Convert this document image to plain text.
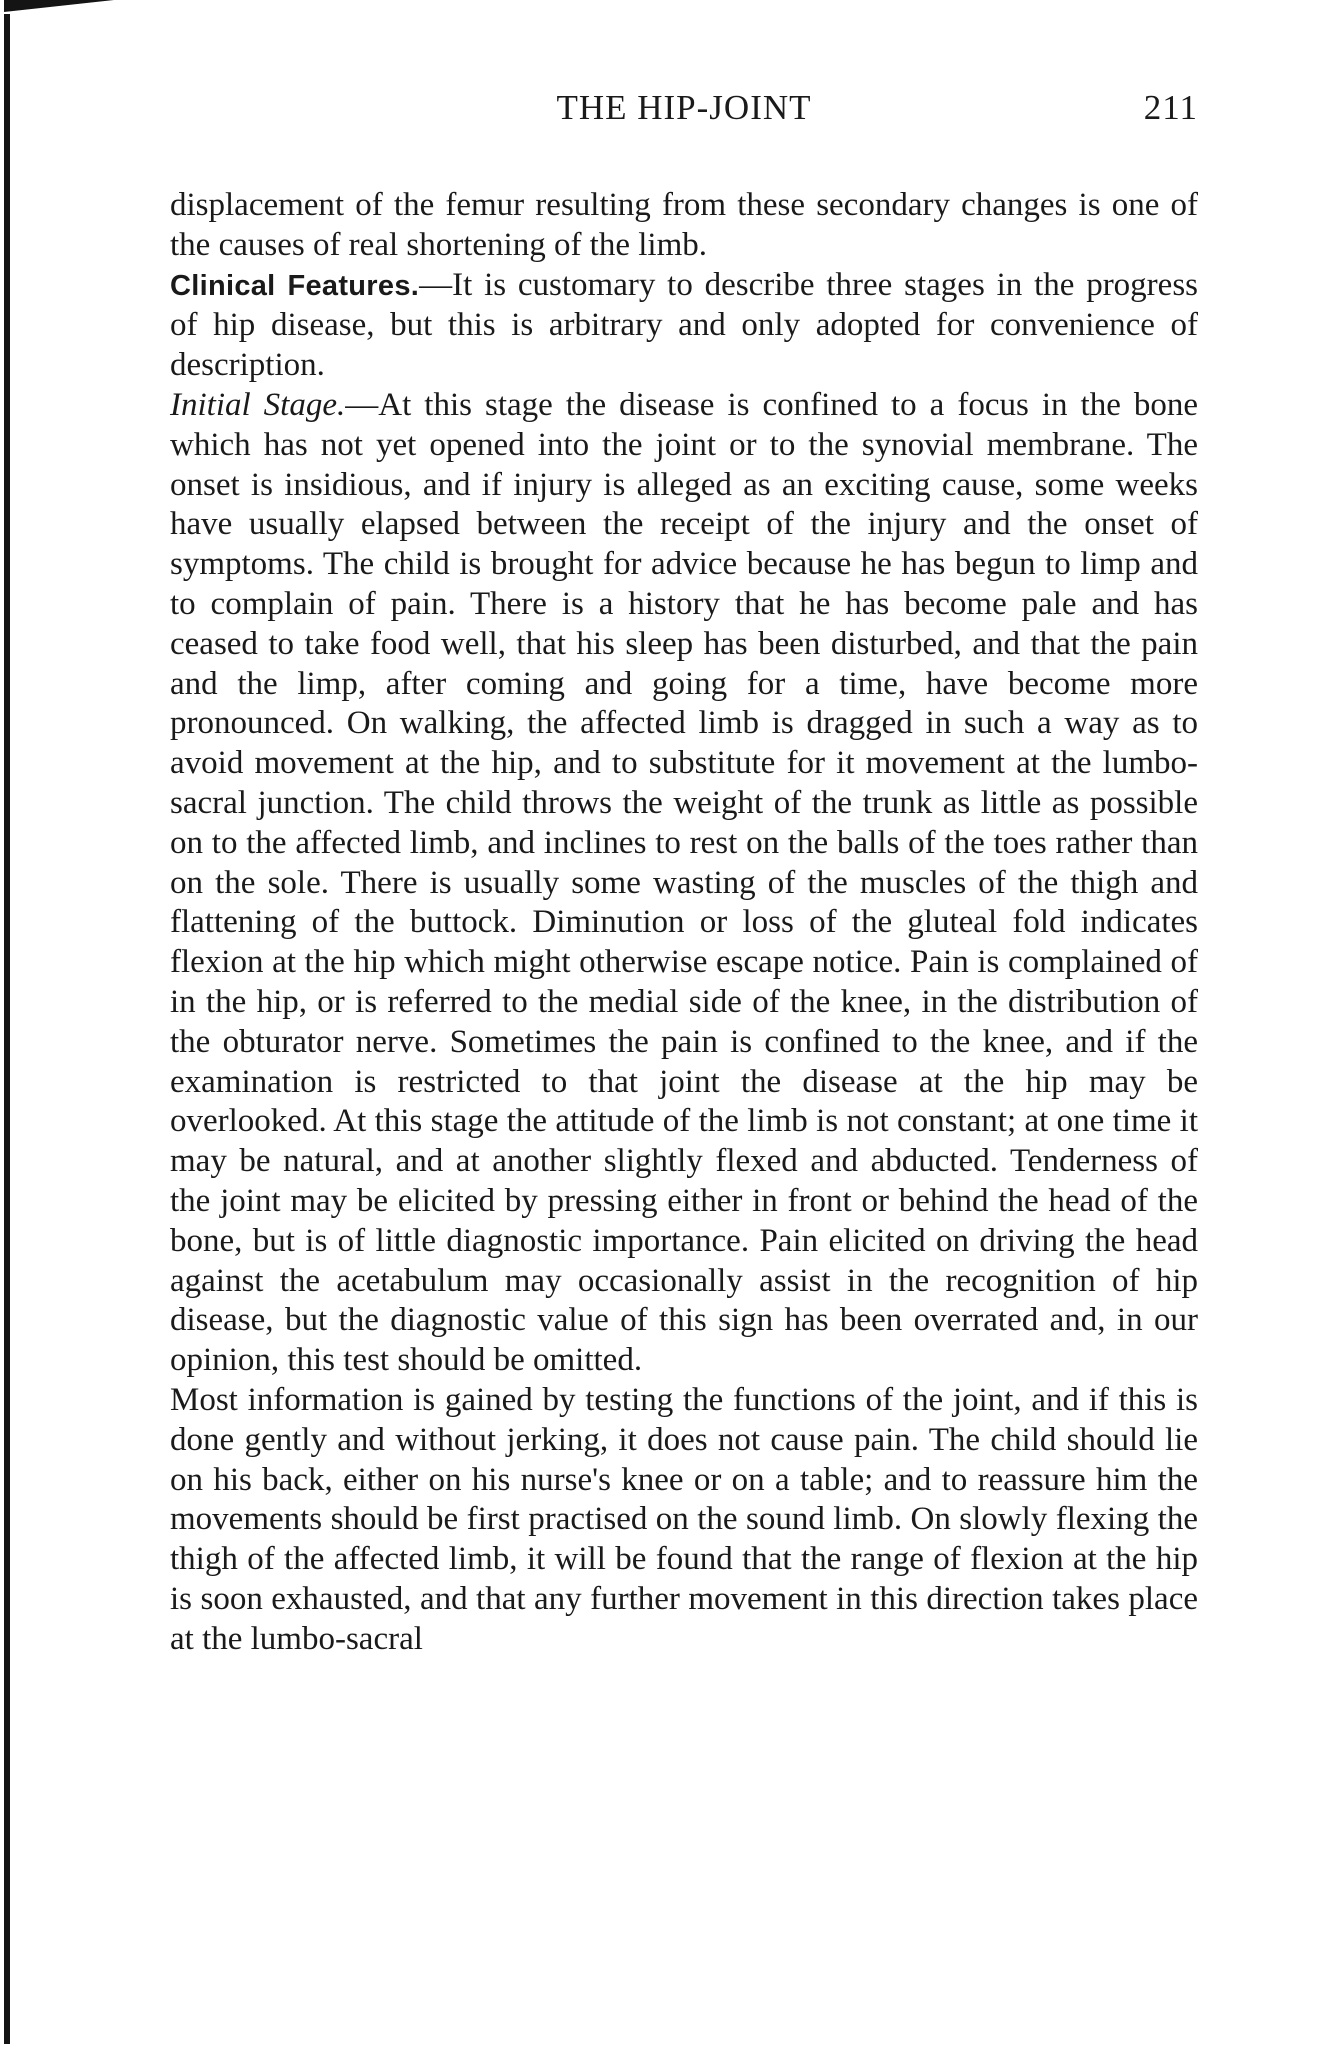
THE HIP-JOINT	211

displacement of the femur resulting from these secondary changes is one of the causes of real shortening of the limb.

Clinical Features.—It is customary to describe three stages in the progress of hip disease, but this is arbitrary and only adopted for convenience of description.

Initial Stage.—At this stage the disease is confined to a focus in the bone which has not yet opened into the joint or to the synovial membrane. The onset is insidious, and if injury is alleged as an exciting cause, some weeks have usually elapsed between the receipt of the injury and the onset of symptoms. The child is brought for advice because he has begun to limp and to complain of pain. There is a history that he has become pale and has ceased to take food well, that his sleep has been disturbed, and that the pain and the limp, after coming and going for a time, have become more pronounced. On walking, the affected limb is dragged in such a way as to avoid movement at the hip, and to substitute for it movement at the lumbo-sacral junction. The child throws the weight of the trunk as little as possible on to the affected limb, and inclines to rest on the balls of the toes rather than on the sole. There is usually some wasting of the muscles of the thigh and flattening of the buttock. Diminution or loss of the gluteal fold indicates flexion at the hip which might otherwise escape notice. Pain is complained of in the hip, or is referred to the medial side of the knee, in the distribution of the obturator nerve. Sometimes the pain is confined to the knee, and if the examination is restricted to that joint the disease at the hip may be overlooked. At this stage the attitude of the limb is not constant; at one time it may be natural, and at another slightly flexed and abducted. Tenderness of the joint may be elicited by pressing either in front or behind the head of the bone, but is of little diagnostic importance. Pain elicited on driving the head against the acetabulum may occasionally assist in the recognition of hip disease, but the diagnostic value of this sign has been overrated and, in our opinion, this test should be omitted.

Most information is gained by testing the functions of the joint, and if this is done gently and without jerking, it does not cause pain. The child should lie on his back, either on his nurse's knee or on a table; and to reassure him the movements should be first practised on the sound limb. On slowly flexing the thigh of the affected limb, it will be found that the range of flexion at the hip is soon exhausted, and that any further movement in this direction takes place at the lumbo-sacral
